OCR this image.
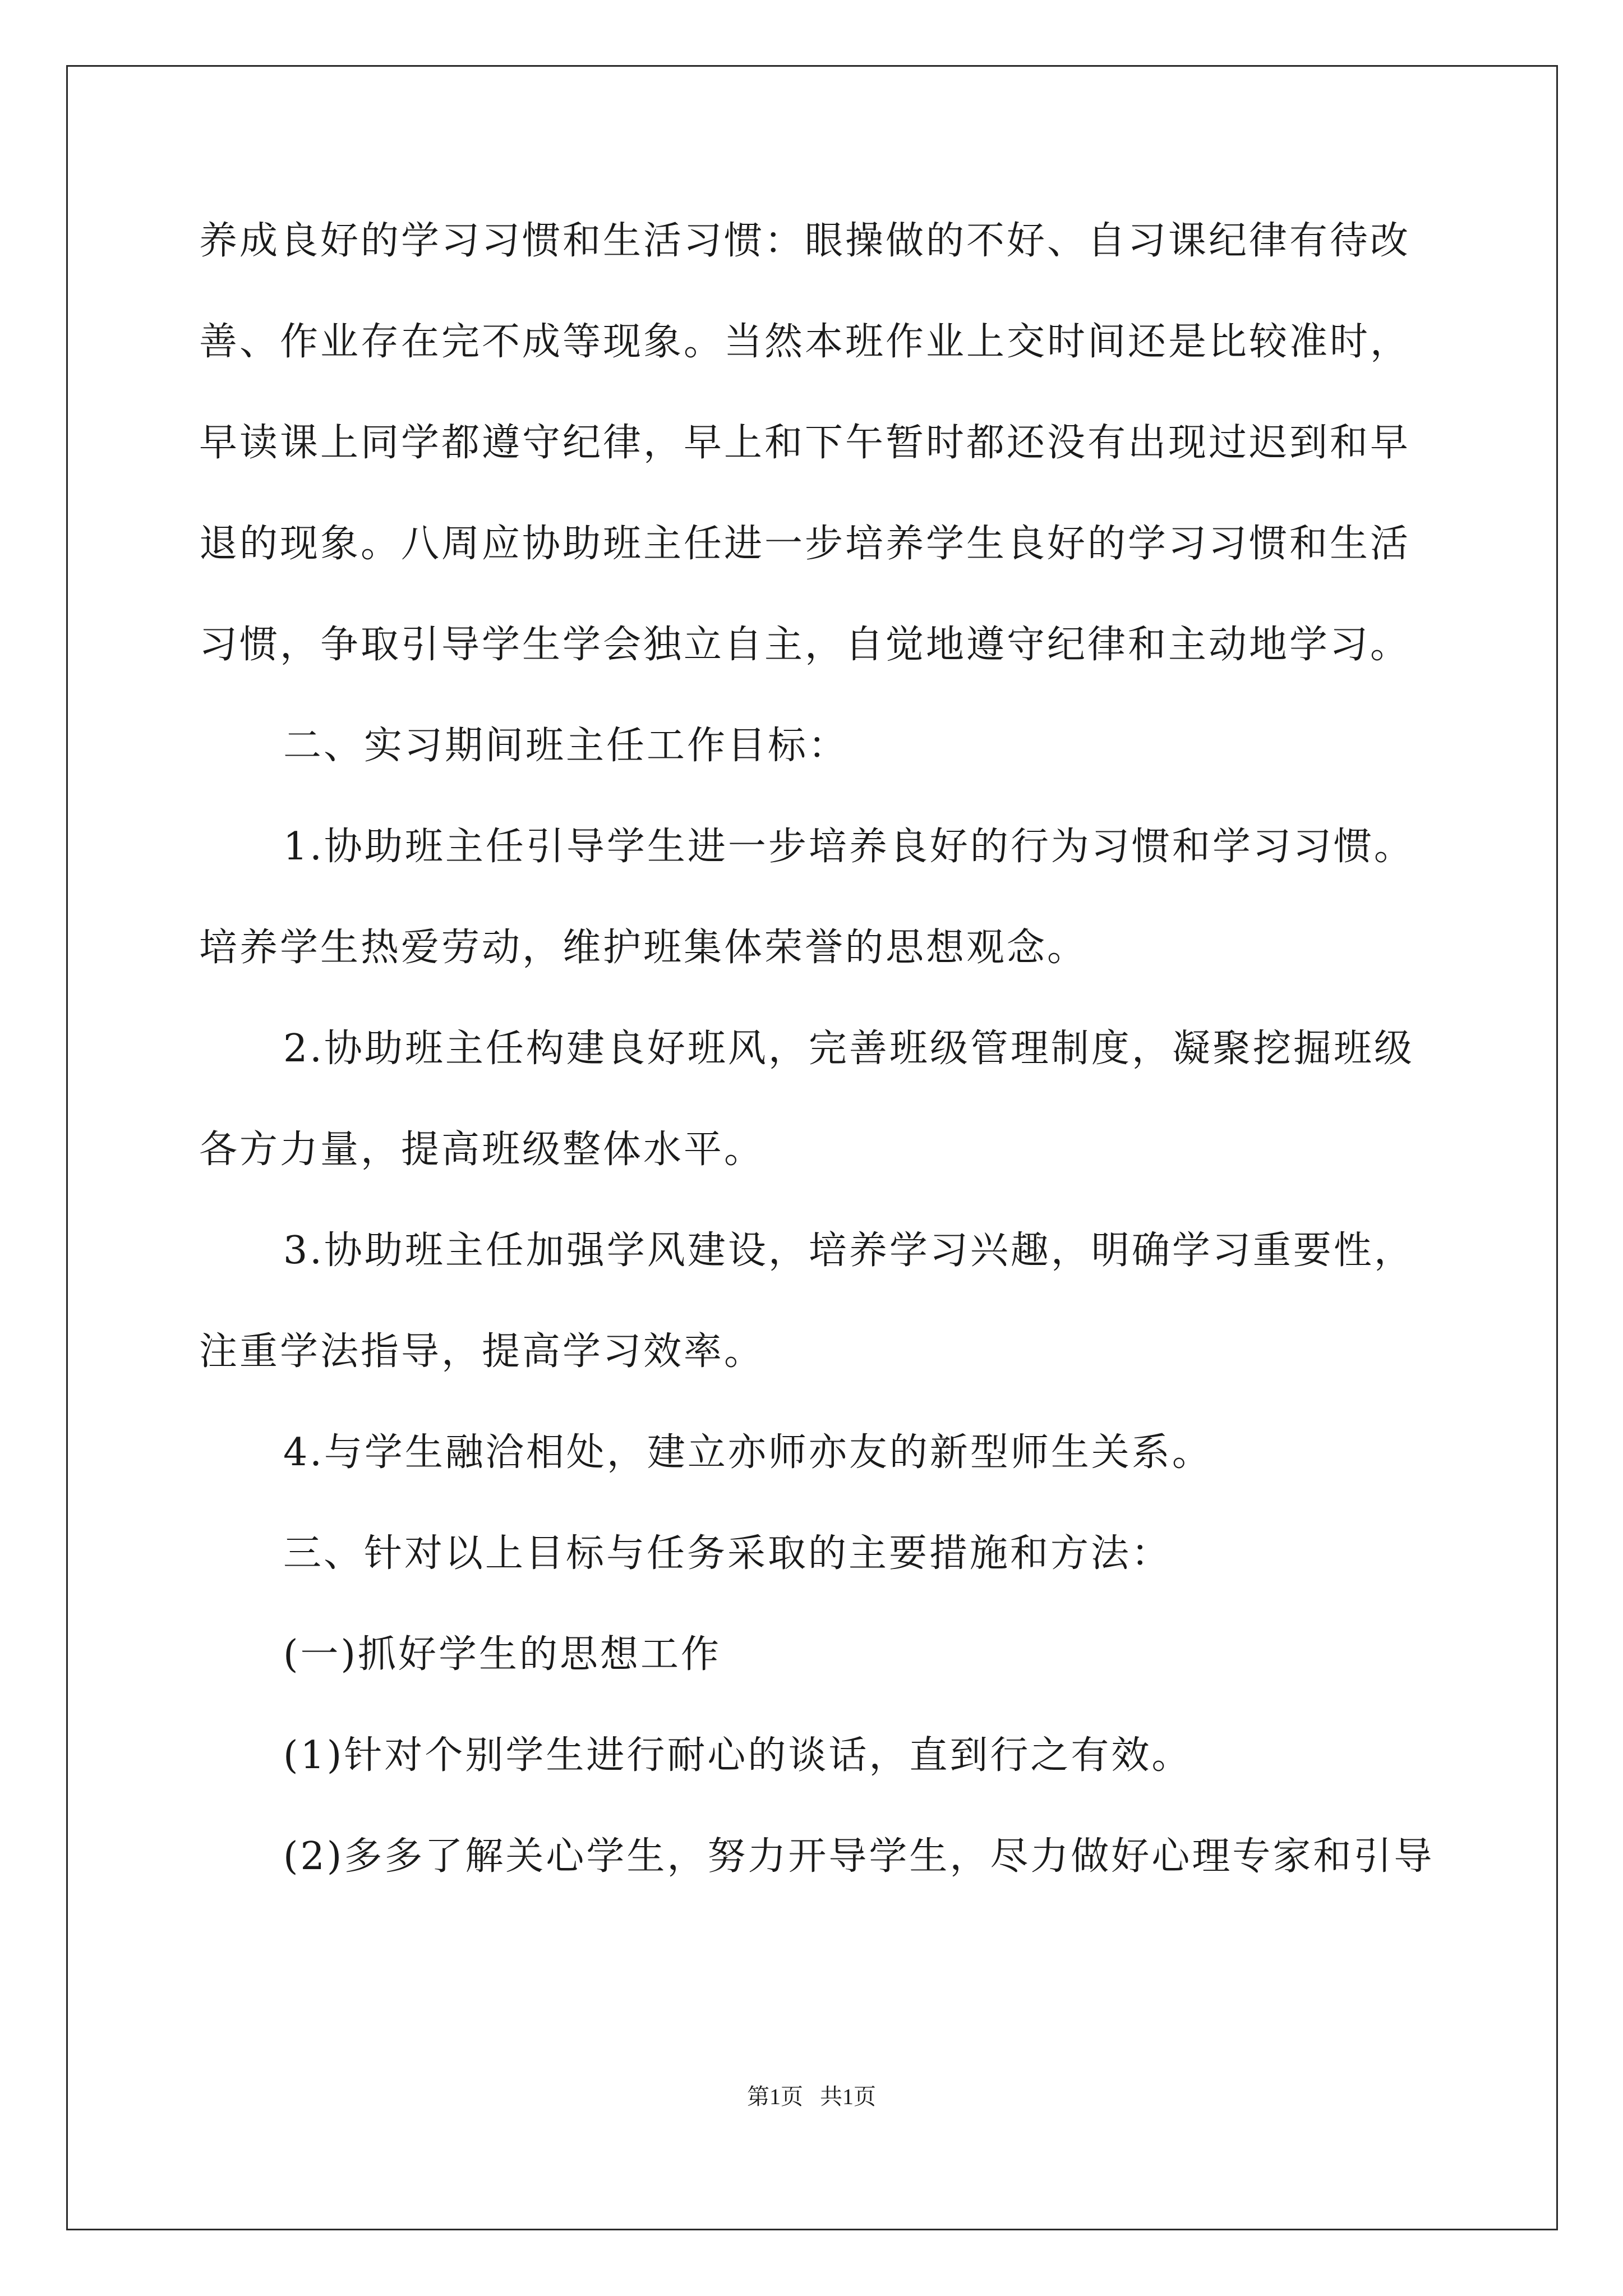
养成良好的学习习惯和生活习惯：眼操做的不好、自习课纪律有待改
善、作业存在完不成等现象。当然本班作业上交时间还是比较准时，
早读课上同学都遵守纪律，早上和下午暂时都还没有出现过迟到和早
退的现象。八周应协助班主任进一步培养学生良好的学习习惯和生活
习惯，争取引导学生学会独立自主，自觉地遵守纪律和主动地学习。
二、实习期间班主任工作目标：
1.协助班主任引导学生进一步培养良好的行为习惯和学习习惯。
培养学生热爱劳动，维护班集体荣誉的思想观念。
2.协助班主任构建良好班风，完善班级管理制度，凝聚挖掘班级
各方力量，提高班级整体水平。
3.协助班主任加强学风建设，培养学习兴趣，明确学习重要性，
注重学法指导，提高学习效率。
4.与学生融洽相处，建立亦师亦友的新型师生关系。
三、针对以上目标与任务采取的主要措施和方法：
(一)抓好学生的思想工作
(1)针对个别学生进行耐心的谈话，直到行之有效。
(2)多多了解关心学生，努力开导学生，尽力做好心理专家和引导
第1页   共1页
